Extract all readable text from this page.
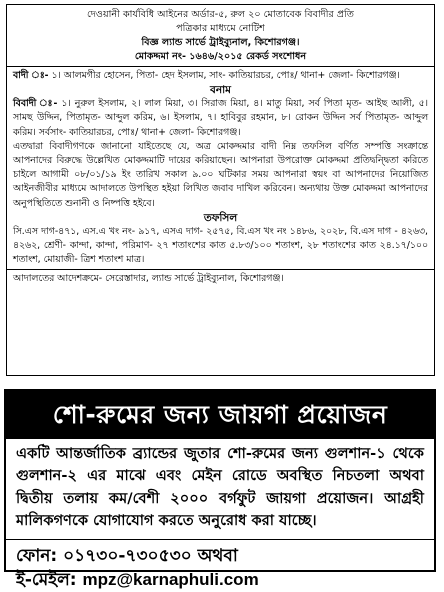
দেওয়ানী কার্যবিধি আইনের অর্ডার-৫, রুল ২০ মোতাবেক বিবাদীর প্রতি
পত্রিকার মাধ্যমে নোটিশ
বিজ্ঞ ল্যান্ড সার্ভে ট্রাইব্যুনাল, কিশোরগঞ্জ।
মোকদ্দমা নং- ১৬৪৬/২০১৫ রেকর্ড সংশোধন

বাদী ঃ- ১। আলমগীর হোসেন, পিতা- হেদ ইসলাম, সাং- কাতিয়ারচর, পোঃ/ থানা+ জেলা- কিশোরগঞ্জ।

বনাম

বিবাদী ঃ- ১। নুরুল ইসলাম, ২। লাল মিয়া, ৩। সিরাজ মিয়া, ৪। মাতু মিয়া, সর্ব পিতা মৃত- আইছ আলী, ৫। সামছ উদ্দিন, পিতামৃত- আব্দুল করিম, ৬। ইসলাম, ৭। হাবিবুর রহমান, ৮। রোকন উদ্দিন সর্ব পিতামৃত- আব্দুল করিম। সর্বসাং- কাতিয়ারচর, পোঃ/ থানা+ জেলা- কিশোরগঞ্জ।

এতদ্বারা বিবাদীগণকে জানানো যাইতেছে যে, অত্র মোকদ্দমার বাদী নিম্ন তফসিল বর্ণিত সম্পত্তি সংক্রান্তে আপনাদের বিরুদ্ধে উল্লেখিত মোকদ্দমাটি দায়ের করিয়াছেন। আপনারা উপরোক্ত মোকদ্দমা প্রতিদ্বন্দ্বিতা করিতে চাইলে আগামী ০৮/০১/১৯ ইং তারিখ সকাল ৯.০০ ঘটিকার সময় আপনারা স্বয়ং বা আপনাদের নিয়োজিত আইনজীবীর মাধ্যমে আদালতে উপস্থিত হইয়া লিখিত জবাব দাখিল করিবেন। অন্যথায় উক্ত মোকদ্দমা আপনাদের অনুপস্থিতিতে শুনানী ও নিষ্পত্তি হইবে।

তফসিল

সি.এস দাগ-৪৭১, এস.এ খং নং- ৯১৭, এসএ দাগ- ২৫৭৫, বি.এস খং নং ১৪৮৬, ২০২৮, বি.এস দাগ - ৪২৬৩, ৪২৬২, শ্রেণী- কান্দা, কান্দা, পরিমাণ- ২৭ শতাংশের কাত ৫.৮৩/১০০ শতাংশ, ২৮ শতাংশের কাত ২৪.১৭/১০০ শতাংশ, মোয়াজী- ত্রিশ শতাংশ মাত্র।

আদালতের আদেশক্রমে- সেরেস্তাদার, ল্যান্ড সার্ভে ট্রাইব্যুনাল, কিশোরগঞ্জ।

শো-রুমের জন্য জায়গা প্রয়োজন

একটি আন্তর্জাতিক ব্র্যান্ডের জুতার শো-রুমের জন্য গুলশান-১ থেকে গুলশান-২ এর মাঝে এবং মেইন রোডে অবস্থিত নিচতলা অথবা দ্বিতীয় তলায় কম/বেশী ২০০০ বর্গফুট জায়গা প্রয়োজন। আগ্রহী মালিকগণকে যোগাযোগ করতে অনুরোধ করা যাচ্ছে।

ফোন: ০১৭৩০-৭৩০৫৩০ অথবা

ই-মেইল: mpz@karnaphuli.com
